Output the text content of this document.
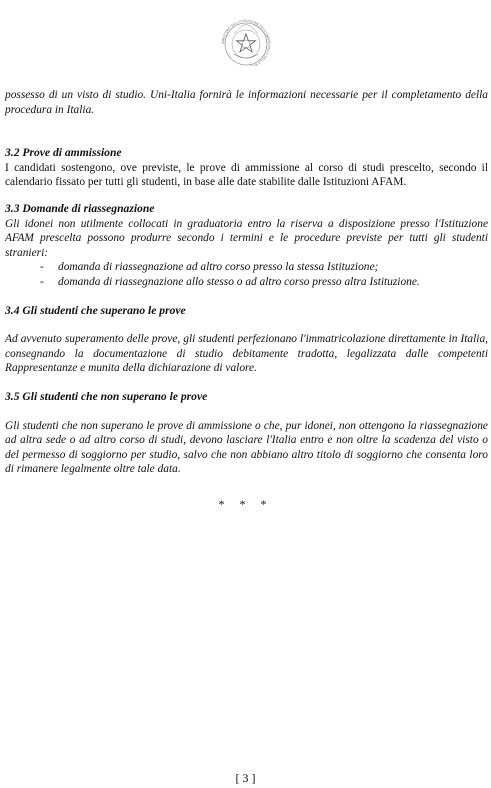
MINISTERO DELL'ISTRUZIONE DELL'UNIVERSITÀ E DELLA RIC

possesso di un visto di studio. Uni-Italia fornirà le informazioni necessarie per il completamento della procedura in Italia.

3.2 Prove di ammissione

I candidati sostengono, ove previste, le prove di ammissione al corso di studi prescelto, secondo il calendario fissato per tutti gli studenti, in base alle date stabilite dalle Istituzioni AFAM.

3.3 Domande di riassegnazione

Gli idonei non utilmente collocati in graduatoria entro la riserva a disposizione presso l'Istituzione AFAM prescelta possono produrre secondo i termini e le procedure previste per tutti gli studenti stranieri:

- domanda di riassegnazione ad altro corso presso la stessa Istituzione;
- domanda di riassegnazione allo stesso o ad altro corso presso altra Istituzione.

3.4 Gli studenti che superano le prove

Ad avvenuto superamento delle prove, gli studenti perfezionano l'immatricolazione direttamente in Italia, consegnando la documentazione di studio debitamente tradotta, legalizzata dalle competenti Rappresentanze e munita della dichiarazione di valore.

3.5 Gli studenti che non superano le prove

Gli studenti che non superano le prove di ammissione o che, pur idonei, non ottengono la riassegnazione ad altra sede o ad altro corso di studi, devono lasciare l'Italia entro e non oltre la scadenza del visto o del permesso di soggiorno per studio, salvo che non abbiano altro titolo di soggiorno che consenta loro di rimanere legalmente oltre tale data.

* * *
[ 3 ]
